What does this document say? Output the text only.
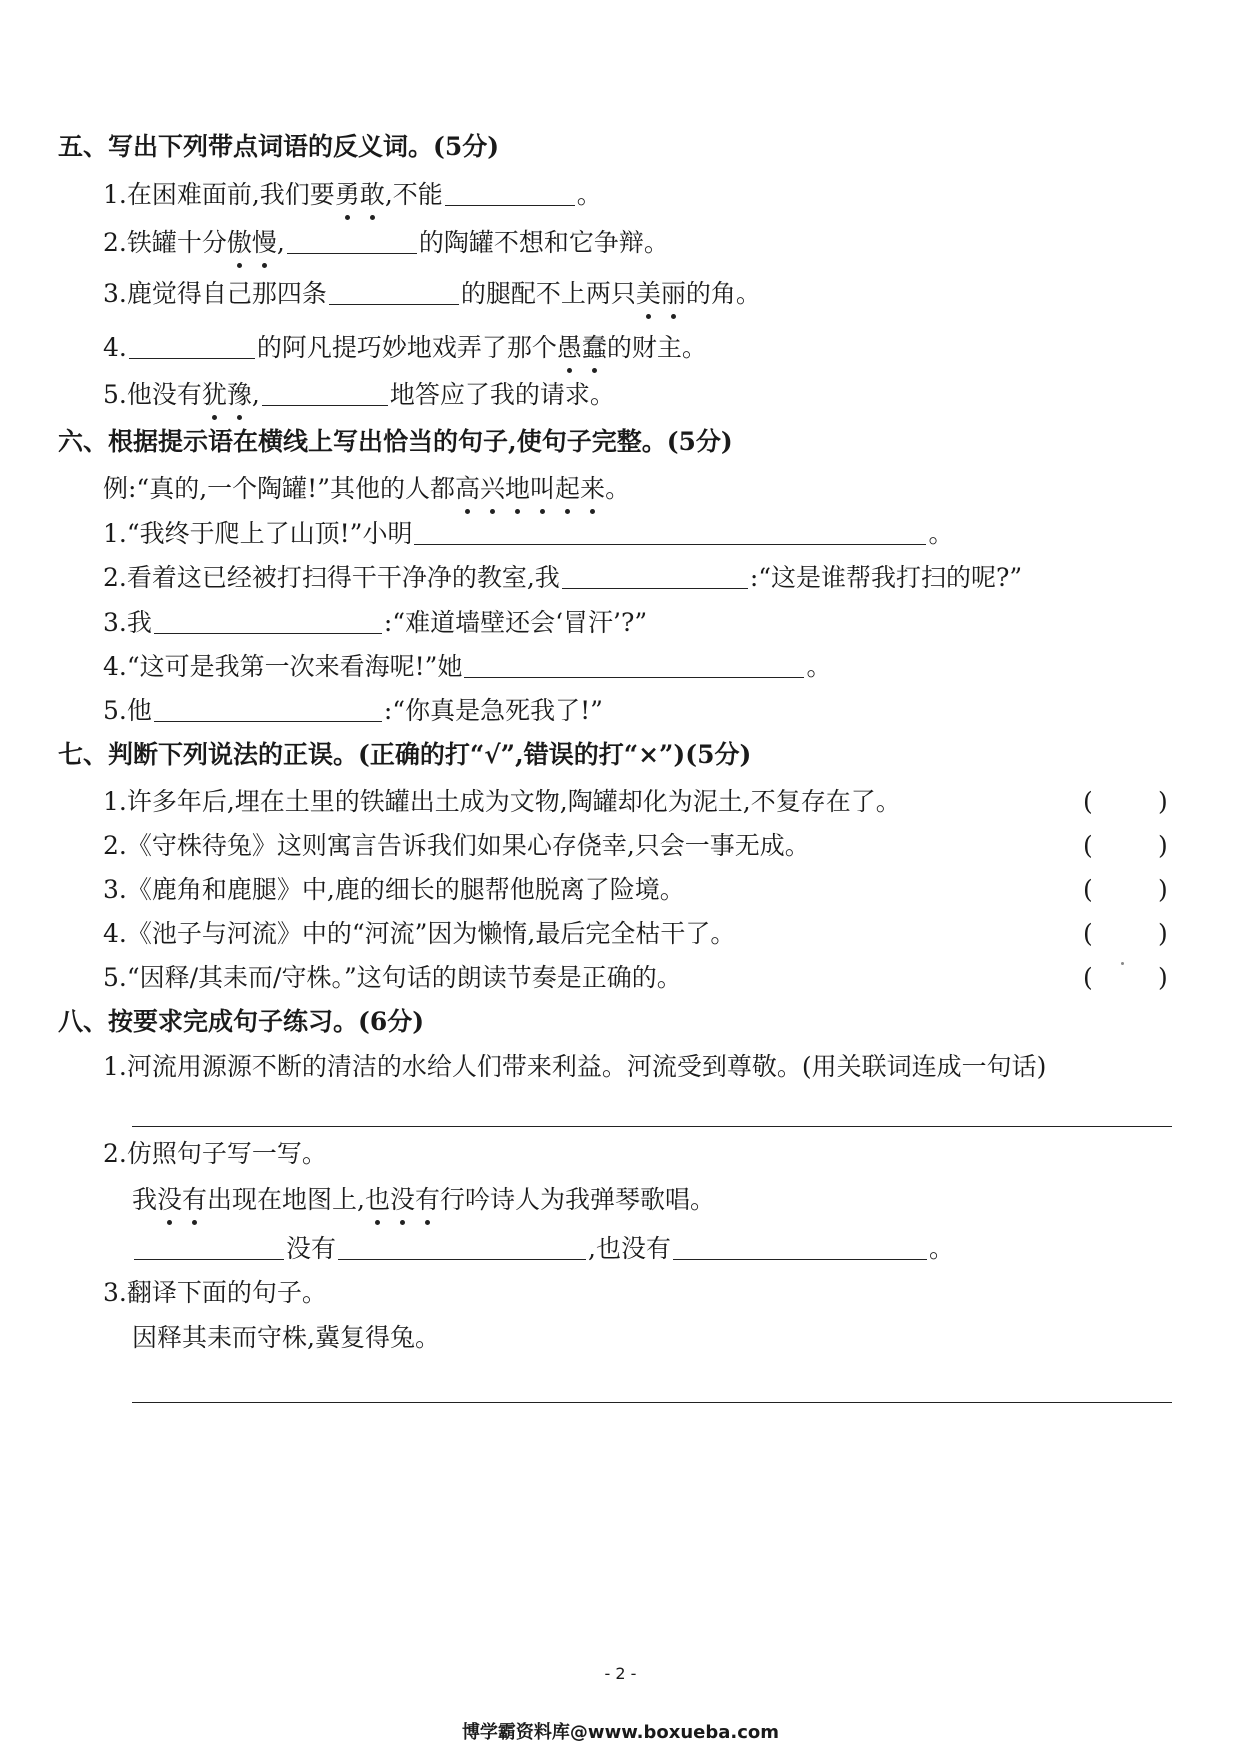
五、写出下列带点词语的反义词。(5分)
1.在困难面前,我们要勇敢,不能	。
2.铁罐十分傲慢,	的陶罐不想和它争辩。
3.鹿觉得自己那四条	的腿配不上两只美丽的角。
4.	的阿凡提巧妙地戏弄了那个愚蠢的财主。
5.他没有犹豫,	地答应了我的请求。
六、根据提示语在横线上写出恰当的句子,使句子完整。(5分)
例:“真的,一个陶罐!”其他的人都高兴地叫起来。
1.“我终于爬上了山顶!”小明	。
2.看着这已经被打扫得干干净净的教室,我	:“这是谁帮我打扫的呢?”
3.我	:“难道墙壁还会‘冒汗’?”
4.“这可是我第一次来看海呢!”她	。
5.他	:“你真是急死我了!”
七、判断下列说法的正误。(正确的打“√”,错误的打“×”)(5分)
1.许多年后,埋在土里的铁罐出土成为文物,陶罐却化为泥土,不复存在了。	(	)
2.《守株待兔》这则寓言告诉我们如果心存侥幸,只会一事无成。	(	)
3.《鹿角和鹿腿》中,鹿的细长的腿帮他脱离了险境。	(	)
4.《池子与河流》中的“河流”因为懒惰,最后完全枯干了。	(	)
5.“因释/其耒而/守株。”这句话的朗读节奏是正确的。	(	)
八、按要求完成句子练习。(6分)
1.河流用源源不断的清洁的水给人们带来利益。河流受到尊敬。(用关联词连成一句话)
2.仿照句子写一写。
我没有出现在地图上,也没有行吟诗人为我弹琴歌唱。
没有	,也没有	。
3.翻译下面的句子。
因释其耒而守株,冀复得兔。
- 2 -
博学霸资料库@www.boxueba.com
